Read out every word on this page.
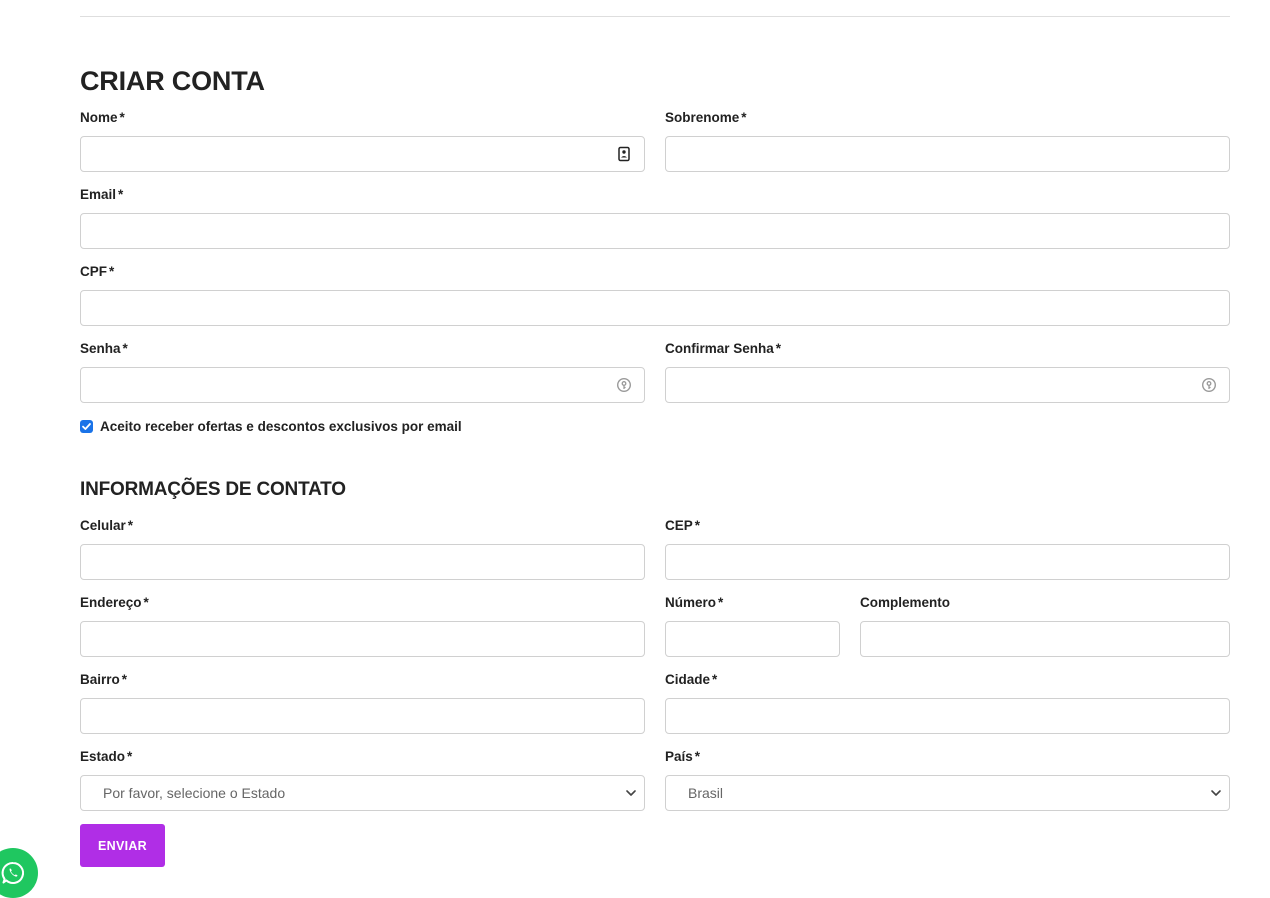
CRIAR CONTA
Nome *	Sobrenome *
Email *
CPF *
Senha *	Confirmar Senha *
Aceito receber ofertas e descontos exclusivos por email
INFORMAÇÕES DE CONTATO
Celular *	CEP *
Endereço *	Número *	Complemento
Bairro *	Cidade *
Estado *
Por favor, selecione o Estado
País *
Brasil
ENVIAR
